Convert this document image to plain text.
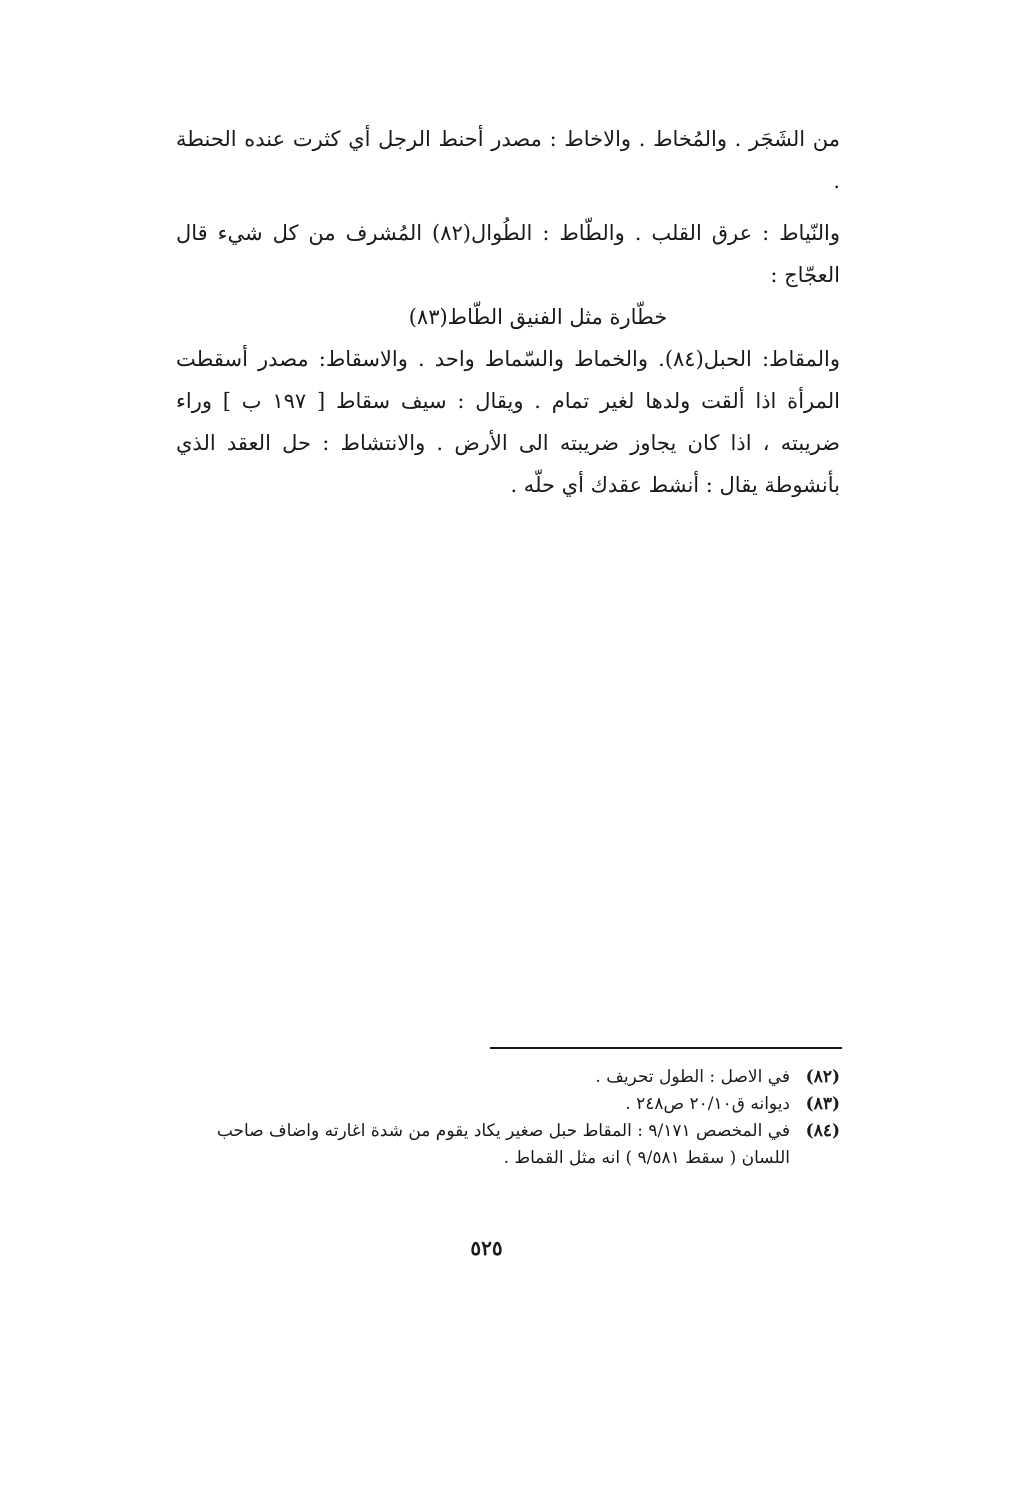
من الشَجَر . والمُخاط . والاخاط : مصدر أحنط الرجل أي كثرت عنده الحنطة .

والنّياط : عرق القلب . والطّاط : الطُوال(٨٢) المُشرف من كل شيء قال العجّاج :

خطّارة مثل الفنيق الطّاط(٨٣)

والمقاط: الحبل(٨٤). والخماط والسّماط واحد . والاسقاط: مصدر أسقطت المرأة اذا ألقت ولدها لغير تمام . ويقال : سيف سقاط [ ١٩٧ ب ] وراء ضريبته ، اذا كان يجاوز ضريبته الى الأرض . والانتشاط : حل العقد الذي بأنشوطة يقال : أنشط عقدك أي حلّه .

(٨٢)
في الاصل : الطول تحريف .
(٨٣)
ديوانه ق٢٠/١٠ ص٢٤٨ .
(٨٤)
في المخصص ٩/١٧١ : المقاط حبل صغير يكاد يقوم من شدة اغارته واضاف صاحب اللسان ( سقط ٩/٥٨١ ) انه مثل القماط .
٥٢٥
